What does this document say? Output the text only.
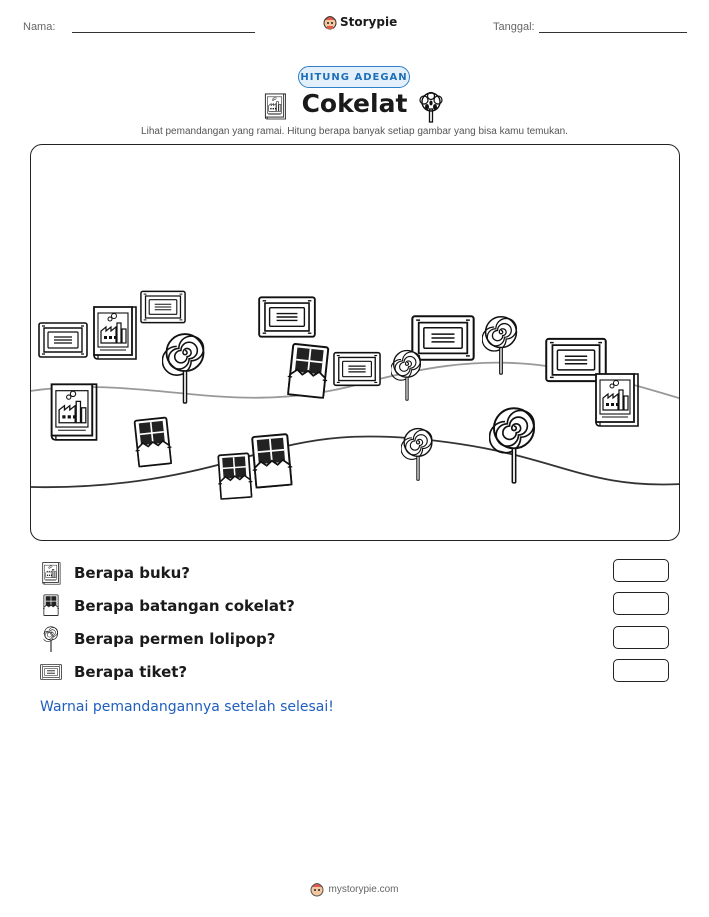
Nama:	Storypie	Tanggal:
HITUNG ADEGAN
Cokelat
Lihat pemandangan yang ramai. Hitung berapa banyak setiap gambar yang bisa kamu temukan.
Berapa buku?
Berapa batangan cokelat?
Berapa permen lolipop?
Berapa tiket?
Warnai pemandangannya setelah selesai!
mystorypie.com
